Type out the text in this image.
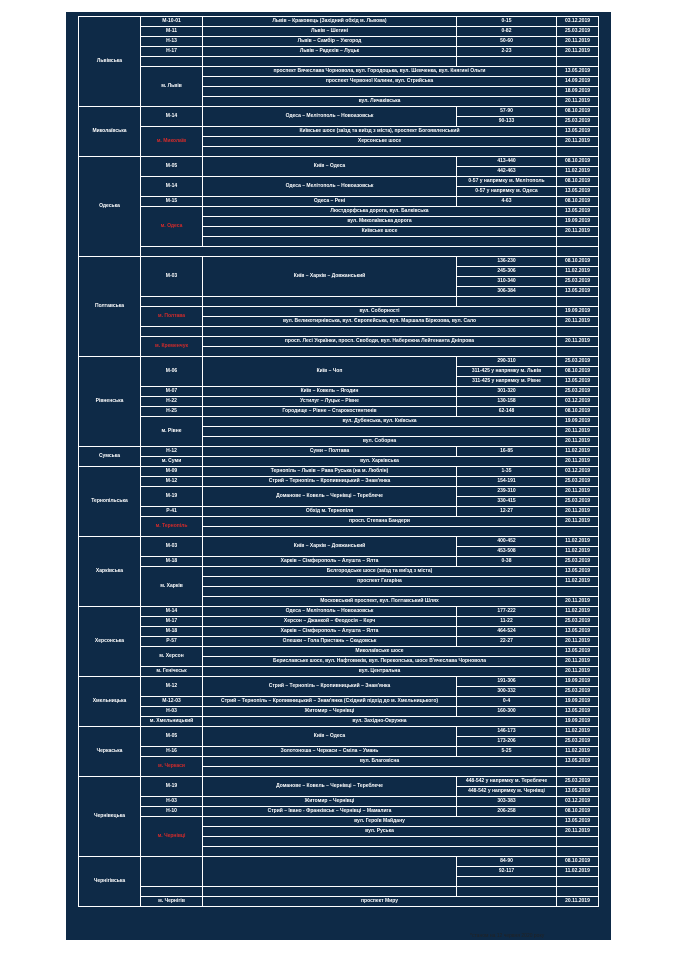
Львівська	М-10-01	Львів – Краковець (Західний обхід м. Львова)	0-15	03.12.2019
	М-11	Львів – Шегині	0-82	25.03.2019
	Н-13	Львів – Самбір – Ужгород	50-60	20.11.2019
	Н-17	Львів – Радехів – Луцьк	2-23	20.11.2019

	м. Львів	проспект Вячеслава Чорновола, вул. Городоцька, вул. Шевченка, вул. Княгині Ольги		13.05.2019
		проспект Червоної Калини, вул. Стрийська		14.09.2019
				18.09.2019
		вул. Личаківська		20.11.2019
Миколаївська	М-14	Одеса – Мелітополь – Новоазовськ	57-90	08.10.2019
			90-133	25.03.2019
	м. Миколаїв	Київське шосе (заїзд та виїзд з міста), проспект Богоявленський		13.05.2019
		Херсонське шосе		20.11.2019

Одеська	М-05	Київ – Одеса	413-440	08.10.2019
			442-463	11.02.2019
	М-14	Одеса – Мелітополь – Новоазовськ	0-57 у напрямку м. Мелітополь	08.10.2019
			0-57 у напрямку м. Одеса	13.05.2019
	М-15	Одеса – Рені	4-63	08.10.2019
	м. Одеса	Люстдорфська дорога, вул. Балківська		13.05.2019
		вул. Миколаївська дорога		19.09.2019
		Київське шосе		20.11.2019

Полтавська	М-03	Київ – Харків – Довжанський	136-230	08.10.2019
			245-306	11.02.2019
			310-340	25.03.2019
			306-384	13.05.2019

	м. Полтава	вул. Соборності		19.09.2019
		вул. Великотирнівська, вул. Європейська, вул. Маршала Бірюзова, вул. Сало		20.11.2019

	м. Кременчук	просп. Лесі Українки, просп. Свободи, вул. Набережна Лейтенанта Дніпрова		20.11.2019

Рівненська	М-06	Київ – Чоп	290-310	25.03.2019
			311-425 у напрямку м. Львів	08.10.2019
			311-425 у напрямку м. Рівне	13.05.2019
	М-07	Київ – Ковель – Ягодин	301-320	25.03.2019
	Н-22	Устилуг – Луцьк – Рівне	130-158	03.12.2019
	Н-25	Городище – Рівне – Старокостянтинів	62-148	08.10.2019
	м. Рівне	вул. Дубенська, вул. Київська		19.09.2019
				20.11.2019
		вул. Соборна		20.11.2019
Сумська	Н-12	Суми – Полтава	16-85	11.02.2019
	м. Суми	вул. Харківська		20.11.2019
Тернопільська	М-09	Тернопіль – Львів – Рава Руська (на м. Люблін)	1-35	03.12.2019
	М-12	Стрий – Тернопіль – Кропивницький – Знам'янка	154-191	25.03.2019
	М-19	Доманове – Ковель – Чернівці – Тереблече	239-310	20.11.2019
			330-415	25.03.2019
	Р-41	Обхід м. Тернопіля	12-27	20.11.2019
	м. Тернопіль	просп. Степана Бандери		20.11.2019

Харківська	М-03	Київ – Харків – Довжанський	400-452	11.02.2019
			453-508	11.02.2019
	М-18	Харків – Сімферополь – Алушта – Ялта	0-38	25.03.2019
	м. Харків	Бєлгородське шосе (заїзд та виїзд з міста)		13.05.2019
		проспект Гагаріна		11.02.2019

		Московський проспект, вул. Полтавський Шлях		20.11.2019
Херсонська	М-14	Одеса – Мелітополь – Новоазовськ	177-222	11.02.2019
	М-17	Херсон – Джанкой – Феодосія – Керч	11-22	25.03.2019
	М-18	Харків – Сімферополь – Алушта – Ялта	464-524	13.05.2019
	Р-57	Олешки – Гола Пристань – Скадовськ	22-27	20.11.2019
	м. Херсон	Миколаївське шосе		13.05.2019
		Бериславське шосе, вул. Нафтовиків, вул. Перекопська, шосе В'ячеслава Чорновола		20.11.2019
	м. Генічеськ	вул. Центральна		20.11.2019
Хмельницька	М-12	Стрий – Тернопіль – Кропивницький – Знам'янка	191-306	19.09.2019
			300-332	25.03.2019
	М-12-03	Стрий – Тернопіль – Кропивницький – Знам'янка (Східний підхід до м. Хмельницького)	0-4	19.09.2019

	Н-03	Житомир – Чернівці	160-300	13.05.2019
	м. Хмельницький	вул. Західно-Окружна		19.09.2019
Черкаська	М-05	Київ – Одеса	146-173	11.02.2019
			173-206	25.03.2019
	Н-16	Золотоноша – Черкаси – Сміла – Умань	5-25	11.02.2019
	м. Черкаси	вул. Благовісна		13.05.2019

Чернівецька	М-19	Доманове – Ковель – Чернівці – Тереблече	448-542 у напрямку м. Тереблече	25.03.2019
			448-542 у напрямку м. Чернівці	13.05.2019
	Н-03	Житомир – Чернівці	303-383	03.12.2019
	Н-10	Стрий – Івано - Франківськ – Чернівці – Мамалига	206-258	08.10.2019
	м. Чернівці	вул. Героїв Майдану		13.05.2019
		вул. Руська		20.11.2019

Чернігівська			84-90	08.10.2019
			92-117	11.02.2019

	м. Чернігів	проспект Миру		20.11.2019
*станом на 12 червня 2020 року
